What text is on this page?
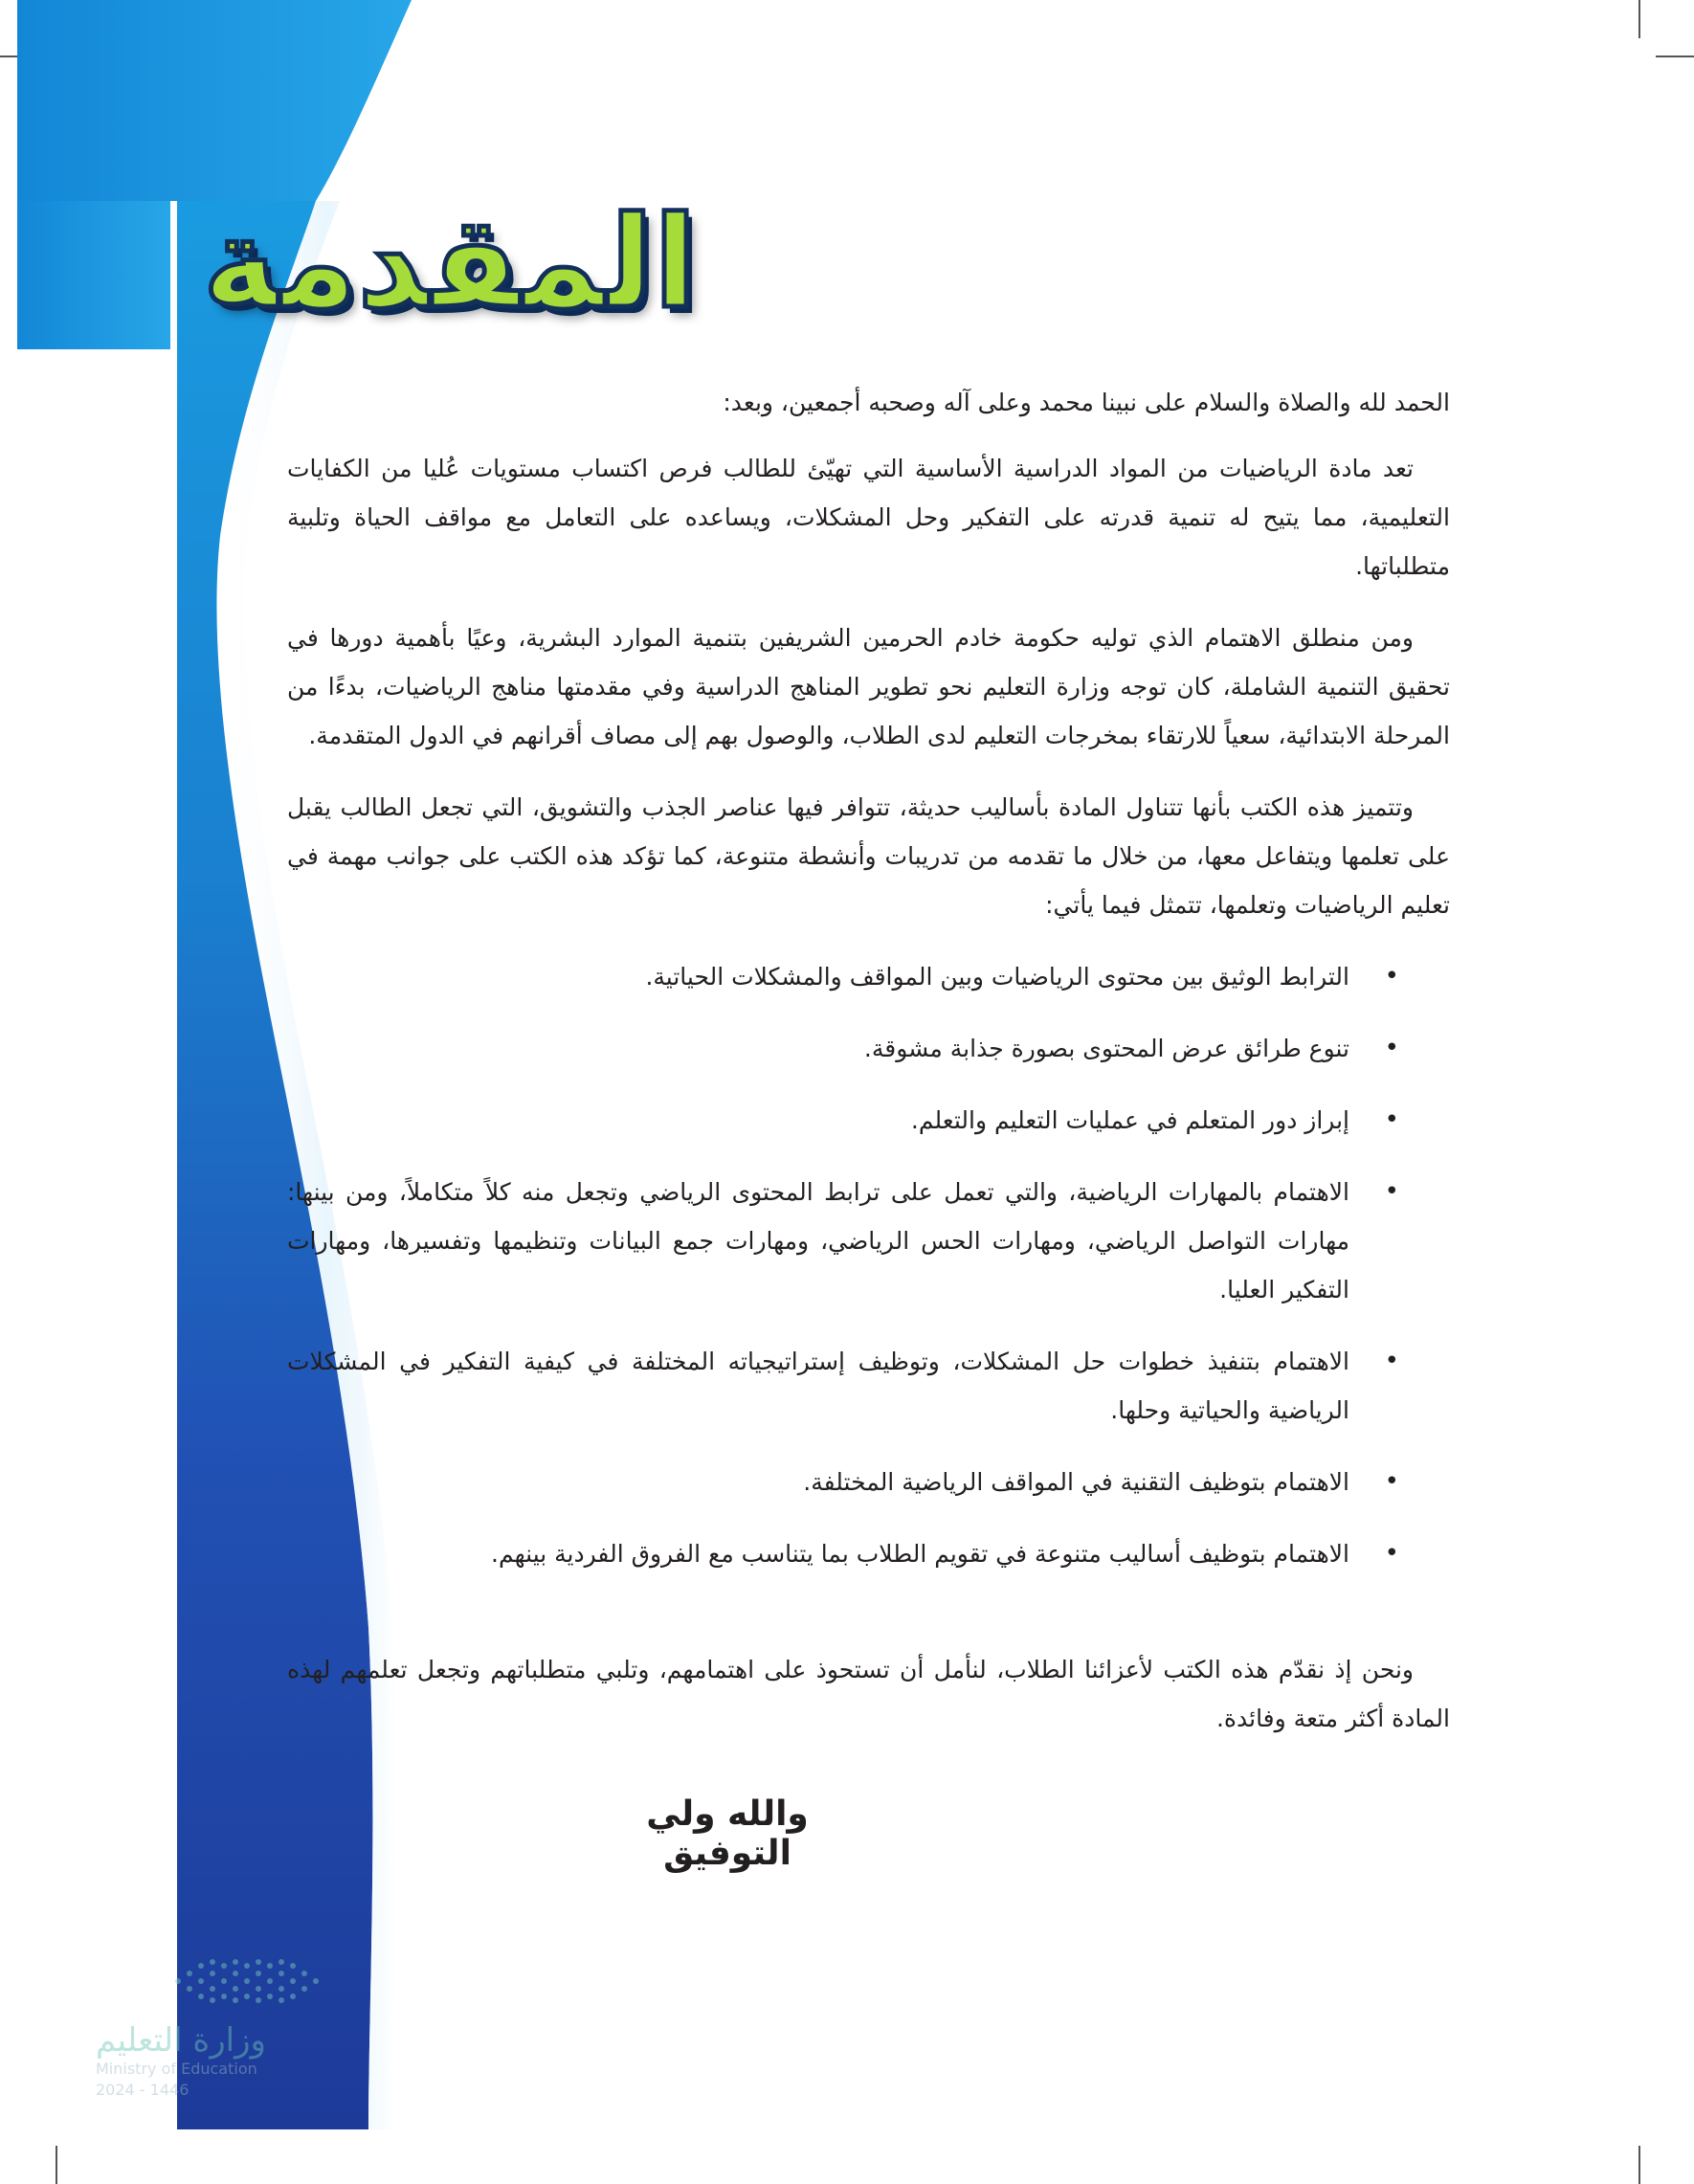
المقدمة

الحمد لله والصلاة والسلام على نبينا محمد وعلى آله وصحبه أجمعين، وبعد:

تعد مادة الرياضيات من المواد الدراسية الأساسية التي تهيّئ للطالب فرص اكتساب مستويات عُليا من الكفايات التعليمية، مما يتيح له تنمية قدرته على التفكير وحل المشكلات، ويساعده على التعامل مع مواقف الحياة وتلبية متطلباتها.

ومن منطلق الاهتمام الذي توليه حكومة خادم الحرمين الشريفين بتنمية الموارد البشرية، وعيًا بأهمية دورها في تحقيق التنمية الشاملة، كان توجه وزارة التعليم نحو تطوير المناهج الدراسية وفي مقدمتها مناهج الرياضيات، بدءًا من المرحلة الابتدائية، سعياً للارتقاء بمخرجات التعليم لدى الطلاب، والوصول بهم إلى مصاف أقرانهم في الدول المتقدمة.

وتتميز هذه الكتب بأنها تتناول المادة بأساليب حديثة، تتوافر فيها عناصر الجذب والتشويق، التي تجعل الطالب يقبل على تعلمها ويتفاعل معها، من خلال ما تقدمه من تدريبات وأنشطة متنوعة، كما تؤكد هذه الكتب على جوانب مهمة في تعليم الرياضيات وتعلمها، تتمثل فيما يأتي:

•
الترابط الوثيق بين محتوى الرياضيات وبين المواقف والمشكلات الحياتية.
•
تنوع طرائق عرض المحتوى بصورة جذابة مشوقة.
•
إبراز دور المتعلم في عمليات التعليم والتعلم.
•
الاهتمام بالمهارات الرياضية، والتي تعمل على ترابط المحتوى الرياضي وتجعل منه كلاً متكاملاً، ومن بينها: مهارات التواصل الرياضي، ومهارات الحس الرياضي، ومهارات جمع البيانات وتنظيمها وتفسيرها، ومهارات التفكير العليا.
•
الاهتمام بتنفيذ خطوات حل المشكلات، وتوظيف إستراتيجياته المختلفة في كيفية التفكير في المشكلات الرياضية والحياتية وحلها.
•
الاهتمام بتوظيف التقنية في المواقف الرياضية المختلفة.
•
الاهتمام بتوظيف أساليب متنوعة في تقويم الطلاب بما يتناسب مع الفروق الفردية بينهم.

ونحن إذ نقدّم هذه الكتب لأعزائنا الطلاب، لنأمل أن تستحوذ على اهتمامهم، وتلبي متطلباتهم وتجعل تعلمهم لهذه المادة أكثر متعة وفائدة.

والله ولي التوفيق
وزارة التعليم
Ministry of Education
2024 - 1446
